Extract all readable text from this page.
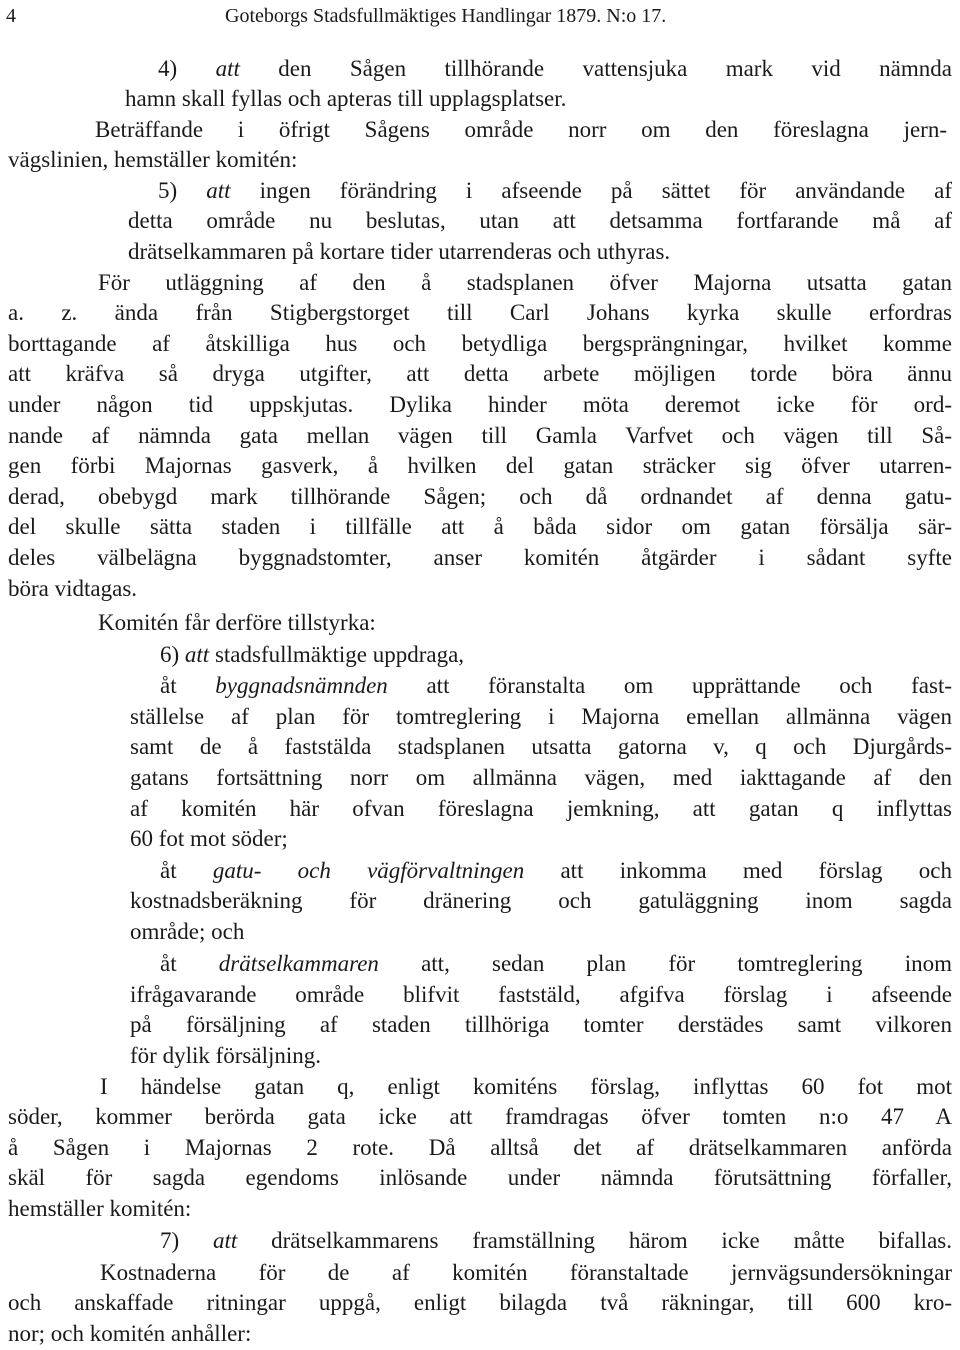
4	Goteborgs Stadsfullmäktiges Handlingar 1879. N:o 17.
4) att den Sågen tillhörande vattensjuka mark vid nämnda
hamn skall fyllas och apteras till upplagsplatser.
Beträffande i öfrigt Sågens område norr om den föreslagna jern-
vägslinien, hemställer komitén:
5) att ingen förändring i afseende på sättet för användande af
detta område nu beslutas, utan att detsamma fortfarande må af
drätselkammaren på kortare tider utarrenderas och uthyras.
För utläggning af den å stadsplanen öfver Majorna utsatta gatan
a. z. ända från Stigbergstorget till Carl Johans kyrka skulle erfordras
borttagande af åtskilliga hus och betydliga bergsprängningar, hvilket komme
att kräfva så dryga utgifter, att detta arbete möjligen torde böra ännu
under någon tid uppskjutas. Dylika hinder möta deremot icke för ord-
nande af nämnda gata mellan vägen till Gamla Varfvet och vägen till Så-
gen förbi Majornas gasverk, å hvilken del gatan sträcker sig öfver utarren-
derad, obebygd mark tillhörande Sågen; och då ordnandet af denna gatu-
del skulle sätta staden i tillfälle att å båda sidor om gatan försälja sär-
deles välbelägna byggnadstomter, anser komitén åtgärder i sådant syfte
böra vidtagas.
Komitén får derföre tillstyrka:
6) att stadsfullmäktige uppdraga,
åt byggnadsnämnden att föranstalta om upprättande och fast-
ställelse af plan för tomtreglering i Majorna emellan allmänna vägen
samt de å faststälda stadsplanen utsatta gatorna v, q och Djurgårds-
gatans fortsättning norr om allmänna vägen, med iakttagande af den
af komitén här ofvan föreslagna jemkning, att gatan q inflyttas
60 fot mot söder;
åt gatu- och vägförvaltningen att inkomma med förslag och
kostnadsberäkning för dränering och gatuläggning inom sagda
område; och
åt drätselkammaren att, sedan plan för tomtreglering inom
ifrågavarande område blifvit faststäld, afgifva förslag i afseende
på försäljning af staden tillhöriga tomter derstädes samt vilkoren
för dylik försäljning.
I händelse gatan q, enligt komiténs förslag, inflyttas 60 fot mot
söder, kommer berörda gata icke att framdragas öfver tomten n:o 47 A
å Sågen i Majornas 2 rote. Då alltså det af drätselkammaren anförda
skäl för sagda egendoms inlösande under nämnda förutsättning förfaller,
hemställer komitén:
7) att drätselkammarens framställning härom icke måtte bifallas.
Kostnaderna för de af komitén föranstaltade jernvägsundersökningar
och anskaffade ritningar uppgå, enligt bilagda två räkningar, till 600 kro-
nor; och komitén anhåller:
